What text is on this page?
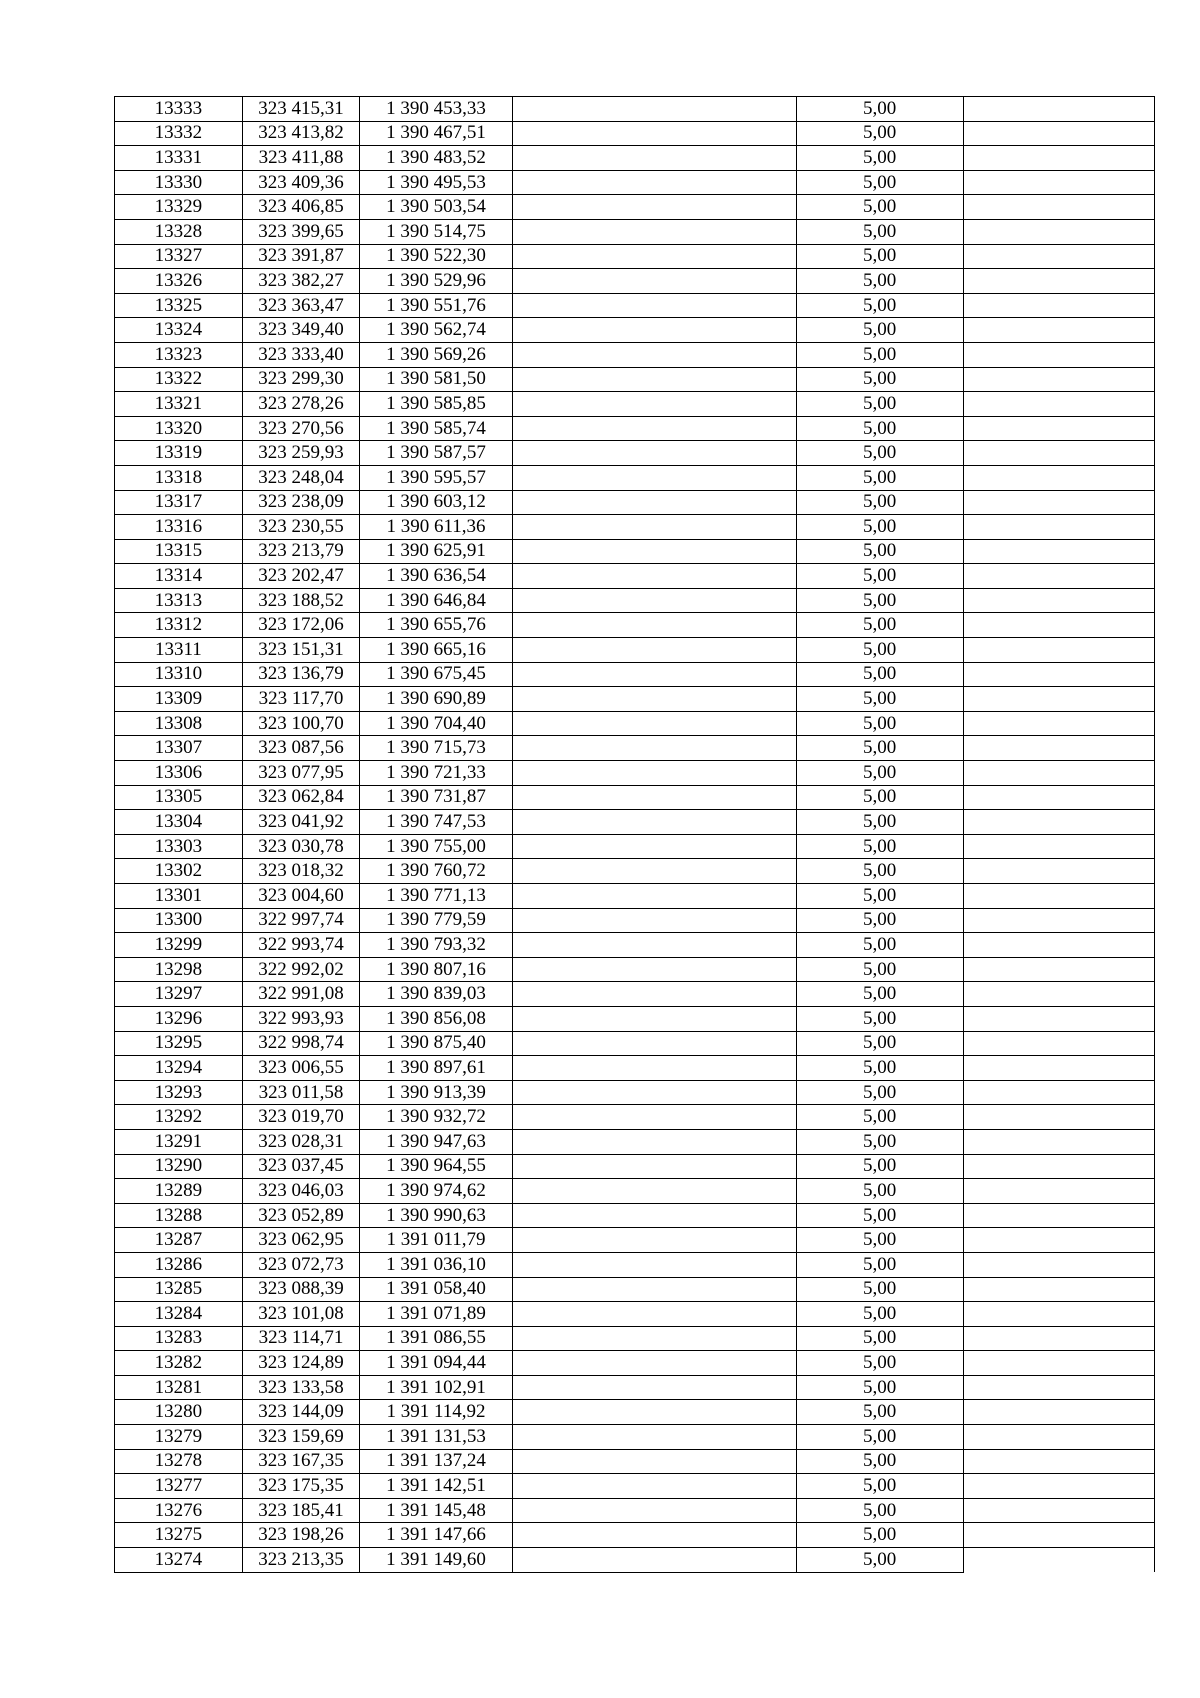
13333	323 415,31	1 390 453,33		5,00	
13332	323 413,82	1 390 467,51		5,00	
13331	323 411,88	1 390 483,52		5,00	
13330	323 409,36	1 390 495,53		5,00	
13329	323 406,85	1 390 503,54		5,00	
13328	323 399,65	1 390 514,75		5,00	
13327	323 391,87	1 390 522,30		5,00	
13326	323 382,27	1 390 529,96		5,00	
13325	323 363,47	1 390 551,76		5,00	
13324	323 349,40	1 390 562,74		5,00	
13323	323 333,40	1 390 569,26		5,00	
13322	323 299,30	1 390 581,50		5,00	
13321	323 278,26	1 390 585,85		5,00	
13320	323 270,56	1 390 585,74		5,00	
13319	323 259,93	1 390 587,57		5,00	
13318	323 248,04	1 390 595,57		5,00	
13317	323 238,09	1 390 603,12		5,00	
13316	323 230,55	1 390 611,36		5,00	
13315	323 213,79	1 390 625,91		5,00	
13314	323 202,47	1 390 636,54		5,00	
13313	323 188,52	1 390 646,84		5,00	
13312	323 172,06	1 390 655,76		5,00	
13311	323 151,31	1 390 665,16		5,00	
13310	323 136,79	1 390 675,45		5,00	
13309	323 117,70	1 390 690,89		5,00	
13308	323 100,70	1 390 704,40		5,00	
13307	323 087,56	1 390 715,73		5,00	
13306	323 077,95	1 390 721,33		5,00	
13305	323 062,84	1 390 731,87		5,00	
13304	323 041,92	1 390 747,53		5,00	
13303	323 030,78	1 390 755,00		5,00	
13302	323 018,32	1 390 760,72		5,00	
13301	323 004,60	1 390 771,13		5,00	
13300	322 997,74	1 390 779,59		5,00	
13299	322 993,74	1 390 793,32		5,00	
13298	322 992,02	1 390 807,16		5,00	
13297	322 991,08	1 390 839,03		5,00	
13296	322 993,93	1 390 856,08		5,00	
13295	322 998,74	1 390 875,40		5,00	
13294	323 006,55	1 390 897,61		5,00	
13293	323 011,58	1 390 913,39		5,00	
13292	323 019,70	1 390 932,72		5,00	
13291	323 028,31	1 390 947,63		5,00	
13290	323 037,45	1 390 964,55		5,00	
13289	323 046,03	1 390 974,62		5,00	
13288	323 052,89	1 390 990,63		5,00	
13287	323 062,95	1 391 011,79		5,00	
13286	323 072,73	1 391 036,10		5,00	
13285	323 088,39	1 391 058,40		5,00	
13284	323 101,08	1 391 071,89		5,00	
13283	323 114,71	1 391 086,55		5,00	
13282	323 124,89	1 391 094,44		5,00	
13281	323 133,58	1 391 102,91		5,00	
13280	323 144,09	1 391 114,92		5,00	
13279	323 159,69	1 391 131,53		5,00	
13278	323 167,35	1 391 137,24		5,00	
13277	323 175,35	1 391 142,51		5,00	
13276	323 185,41	1 391 145,48		5,00	
13275	323 198,26	1 391 147,66		5,00	
13274	323 213,35	1 391 149,60		5,00	
